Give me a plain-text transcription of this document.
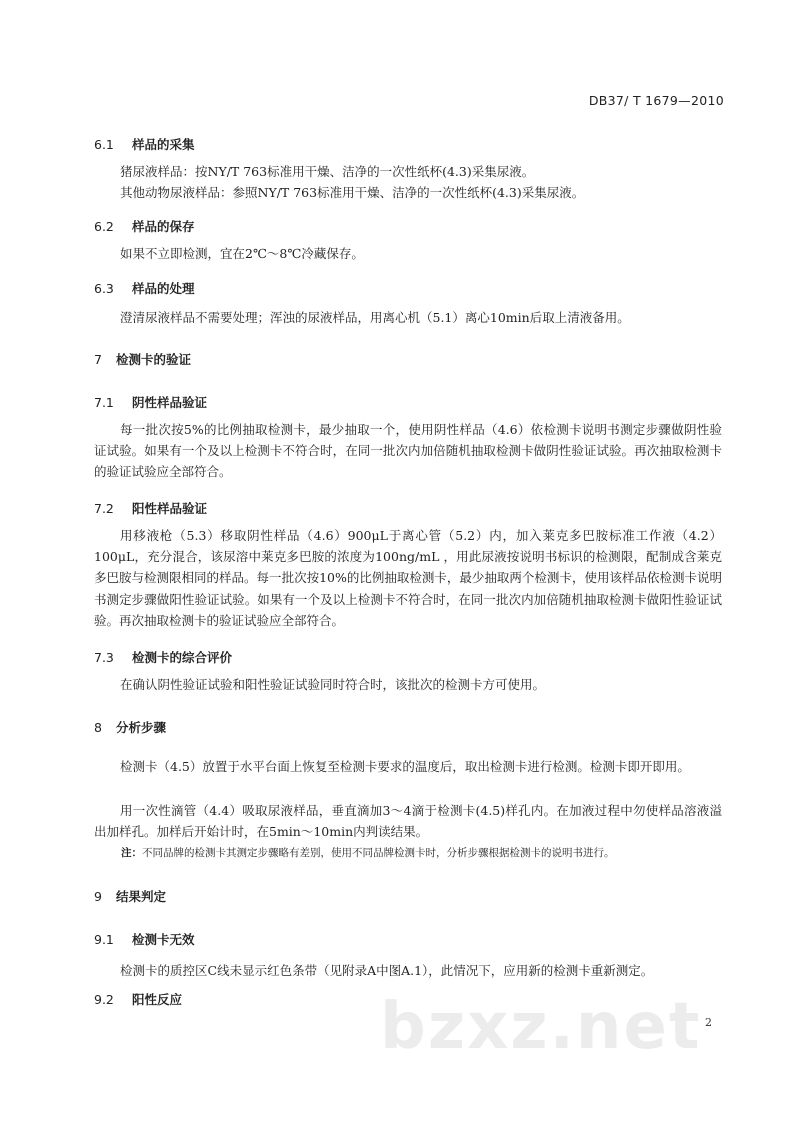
DB37/ T 1679—2010
6.1 样品的采集
猪尿液样品：按NY/T 763标准用干燥、洁净的一次性纸杯(4.3)采集尿液。
其他动物尿液样品：参照NY/T 763标准用干燥、洁净的一次性纸杯(4.3)采集尿液。
6.2 样品的保存
如果不立即检测，宜在2℃～8℃冷藏保存。
6.3 样品的处理
澄清尿液样品不需要处理；浑浊的尿液样品，用离心机（5.1）离心10min后取上清液备用。
7 检测卡的验证
7.1 阴性样品验证
每一批次按5%的比例抽取检测卡，最少抽取一个，使用阴性样品（4.6）依检测卡说明书测定步骤做阴性验证试验。如果有一个及以上检测卡不符合时，在同一批次内加倍随机抽取检测卡做阴性验证试验。再次抽取检测卡的验证试验应全部符合。
7.2 阳性样品验证
用移液枪（5.3）移取阴性样品（4.6）900μL于离心管（5.2）内，加入莱克多巴胺标准工作液（4.2）100μL，充分混合，该尿溶中莱克多巴胺的浓度为100ng/mL ，用此尿液按说明书标识的检测限，配制成含莱克多巴胺与检测限相同的样品。每一批次按10%的比例抽取检测卡，最少抽取两个检测卡，使用该样品依检测卡说明书测定步骤做阳性验证试验。如果有一个及以上检测卡不符合时，在同一批次内加倍随机抽取检测卡做阳性验证试验。再次抽取检测卡的验证试验应全部符合。
7.3 检测卡的综合评价
在确认阴性验证试验和阳性验证试验同时符合时，该批次的检测卡方可使用。
8 分析步骤
检测卡（4.5）放置于水平台面上恢复至检测卡要求的温度后，取出检测卡进行检测。检测卡即开即用。
用一次性滴管（4.4）吸取尿液样品，垂直滴加3～4滴于检测卡(4.5)样孔内。在加液过程中勿使样品溶液溢出加样孔。加样后开始计时，在5min～10min内判读结果。
注：不同品牌的检测卡其测定步骤略有差别，使用不同品牌检测卡时，分析步骤根据检测卡的说明书进行。
9 结果判定
9.1 检测卡无效
检测卡的质控区C线未显示红色条带（见附录A中图A.1），此情况下，应用新的检测卡重新测定。
9.2 阳性反应	bzxz.net 2
